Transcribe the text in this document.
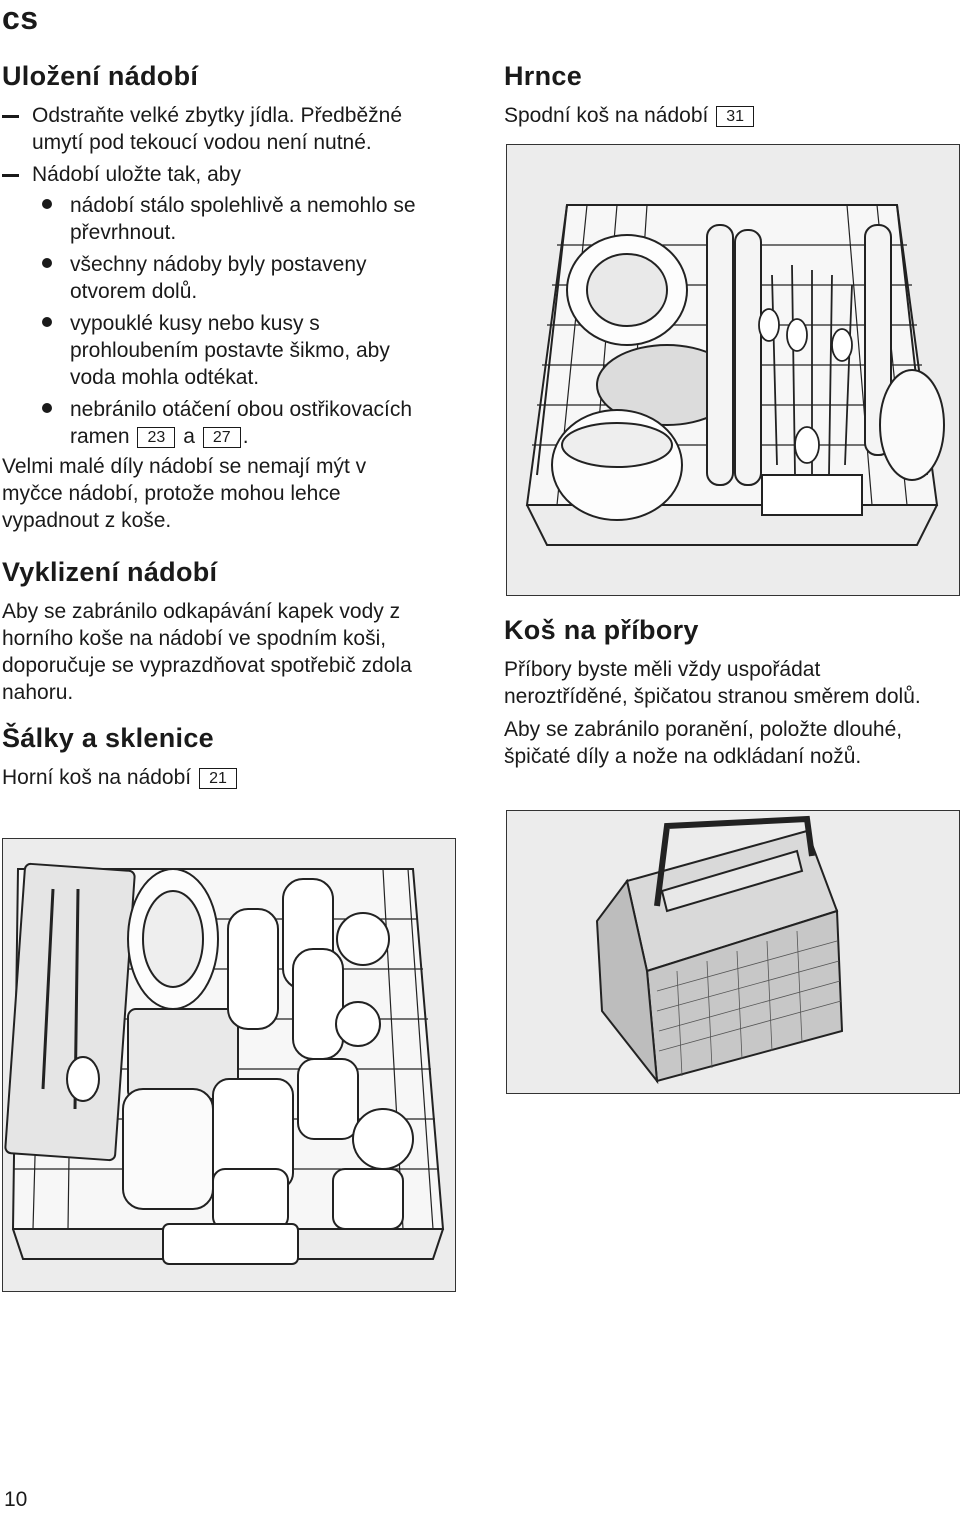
cs
Uložení nádobí
Odstraňte velké zbytky jídla. Předběžné umytí pod tekoucí vodou není nutné.
Nádobí uložte tak, aby
nádobí stálo spolehlivě a nemohlo se převrhnout.
všechny nádoby byly postaveny otvorem dolů.
vypouklé kusy nebo kusy s prohloubením postavte šikmo, aby voda mohla odtékat.
nebránilo otáčení obou ostřikovacích ramen 23 a 27 .

Velmi malé díly nádobí se nemají mýt v myčce nádobí, protože mohou lehce vypadnout z koše.

Vyklizení nádobí

Aby se zabránilo odkapávání kapek vody z horního koše na nádobí ve spodním koši, doporučuje se vyprazdňovat spotřebič zdola nahoru.

Šálky a sklenice

Horní koš na nádobí 21

Hrnce

Spodní koš na nádobí 31

Koš na příbory

Příbory byste měli vždy uspořádat neroztříděné, špičatou stranou směrem dolů.

Aby se zabránilo poranění, položte dlouhé, špičaté díly a nože na odkládaní nožů.

10
